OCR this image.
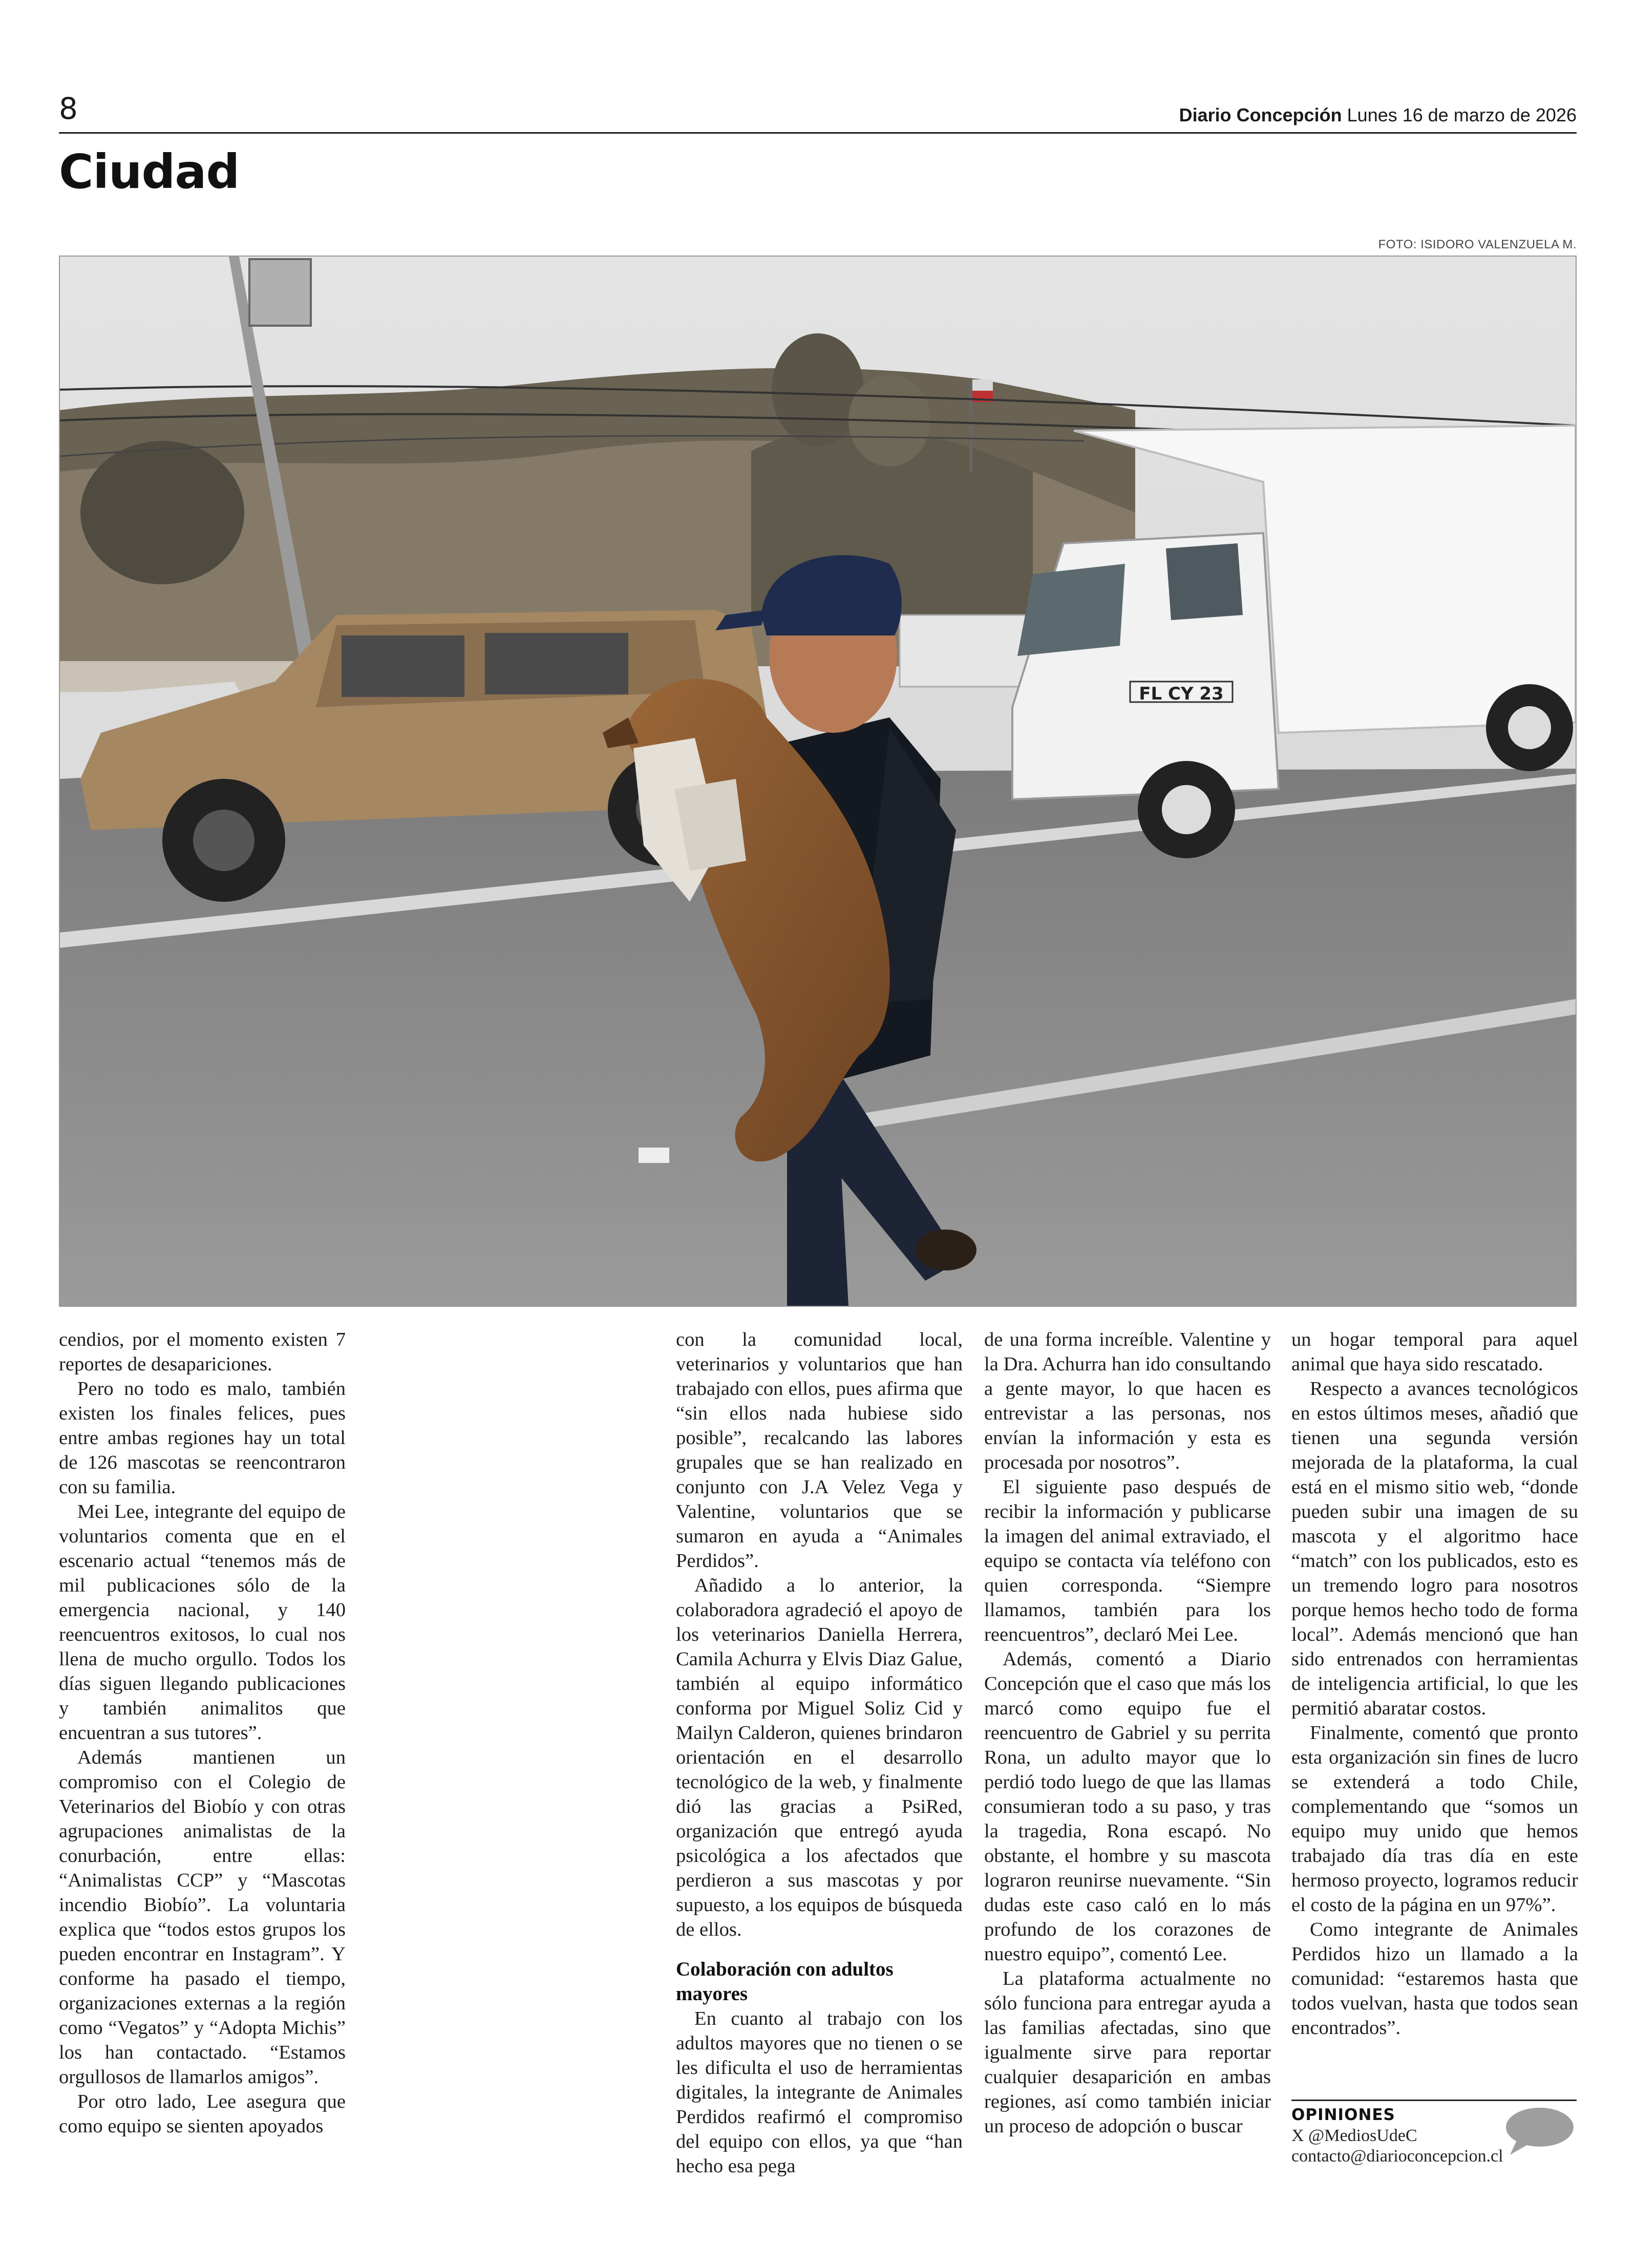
8	Diario Concepción Lunes 16 de marzo de 2026
Ciudad
FOTO: ISIDORO VALENZUELA M.
FL CY 23

cendios, por el momento existen 7 reportes de desapariciones.

Pero no todo es malo, también existen los finales felices, pues entre ambas regiones hay un total de 126 mascotas se reencontraron con su familia.

Mei Lee, integrante del equipo de voluntarios comenta que en el escenario actual “tenemos más de mil publicaciones sólo de la emergencia nacional, y 140 reencuentros exitosos, lo cual nos llena de mucho orgullo. Todos los días siguen llegando publicaciones y también animalitos que encuentran a sus tutores”.

Además mantienen un compromiso con el Colegio de Veterinarios del Biobío y con otras agrupaciones animalistas de la conurbación, entre ellas: “Animalistas CCP” y “Mascotas incendio Biobío”. La voluntaria explica que “todos estos grupos los pueden encontrar en Instagram”. Y conforme ha pasado el tiempo, organizaciones externas a la región como “Vegatos” y “Adopta Michis” los han contactado. “Estamos orgullosos de llamarlos amigos”.

Por otro lado, Lee asegura que como equipo se sienten apoyados

con la comunidad local, veterinarios y voluntarios que han trabajado con ellos, pues afirma que “sin ellos nada hubiese sido posible”, recalcando las labores grupales que se han realizado en conjunto con J.A Velez Vega y Valentine, voluntarios que se sumaron en ayuda a “Animales Perdidos”.

Añadido a lo anterior, la colaboradora agradeció el apoyo de los veterinarios Daniella Herrera, Camila Achurra y Elvis Diaz Galue, también al equipo informático conforma por Miguel Soliz Cid y Mailyn Calderon, quienes brindaron orientación en el desarrollo tecnológico de la web, y finalmente dió las gracias a PsiRed, organización que entregó ayuda psicológica a los afectados que perdieron a sus mascotas y por supuesto, a los equipos de búsqueda de ellos.

Colaboración con adultos mayores

En cuanto al trabajo con los adultos mayores que no tienen o se les dificulta el uso de herramientas digitales, la integrante de Animales Perdidos reafirmó el compromiso del equipo con ellos, ya que “han hecho esa pega

de una forma increíble. Valentine y la Dra. Achurra han ido consultando a gente mayor, lo que hacen es entrevistar a las personas, nos envían la información y esta es procesada por nosotros”.

El siguiente paso después de recibir la información y publicarse la imagen del animal extraviado, el equipo se contacta vía teléfono con quien corresponda. “Siempre llamamos, también para los reencuentros”, declaró Mei Lee.

Además, comentó a Diario Concepción que el caso que más los marcó como equipo fue el reencuentro de Gabriel y su perrita Rona, un adulto mayor que lo perdió todo luego de que las llamas consumieran todo a su paso, y tras la tragedia, Rona escapó. No obstante, el hombre y su mascota lograron reunirse nuevamente. “Sin dudas este caso caló en lo más profundo de los corazones de nuestro equipo”, comentó Lee.

La plataforma actualmente no sólo funciona para entregar ayuda a las familias afectadas, sino que igualmente sirve para reportar cualquier desaparición en ambas regiones, así como también iniciar un proceso de adopción o buscar

un hogar temporal para aquel animal que haya sido rescatado.

Respecto a avances tecnológicos en estos últimos meses, añadió que tienen una segunda versión mejorada de la plataforma, la cual está en el mismo sitio web, “donde pueden subir una imagen de su mascota y el algoritmo hace “match” con los publicados, esto es un tremendo logro para nosotros porque hemos hecho todo de forma local”. Además mencionó que han sido entrenados con herramientas de inteligencia artificial, lo que les permitió abaratar costos.

Finalmente, comentó que pronto esta organización sin fines de lucro se extenderá a todo Chile, complementando que “somos un equipo muy unido que hemos trabajado día tras día en este hermoso proyecto, logramos reducir el costo de la página en un 97%”.

Como integrante de Animales Perdidos hizo un llamado a la comunidad: “estaremos hasta que todos vuelvan, hasta que todos sean encontrados”.

OPINIONES
X @MediosUdeC
contacto@diarioconcepcion.cl
